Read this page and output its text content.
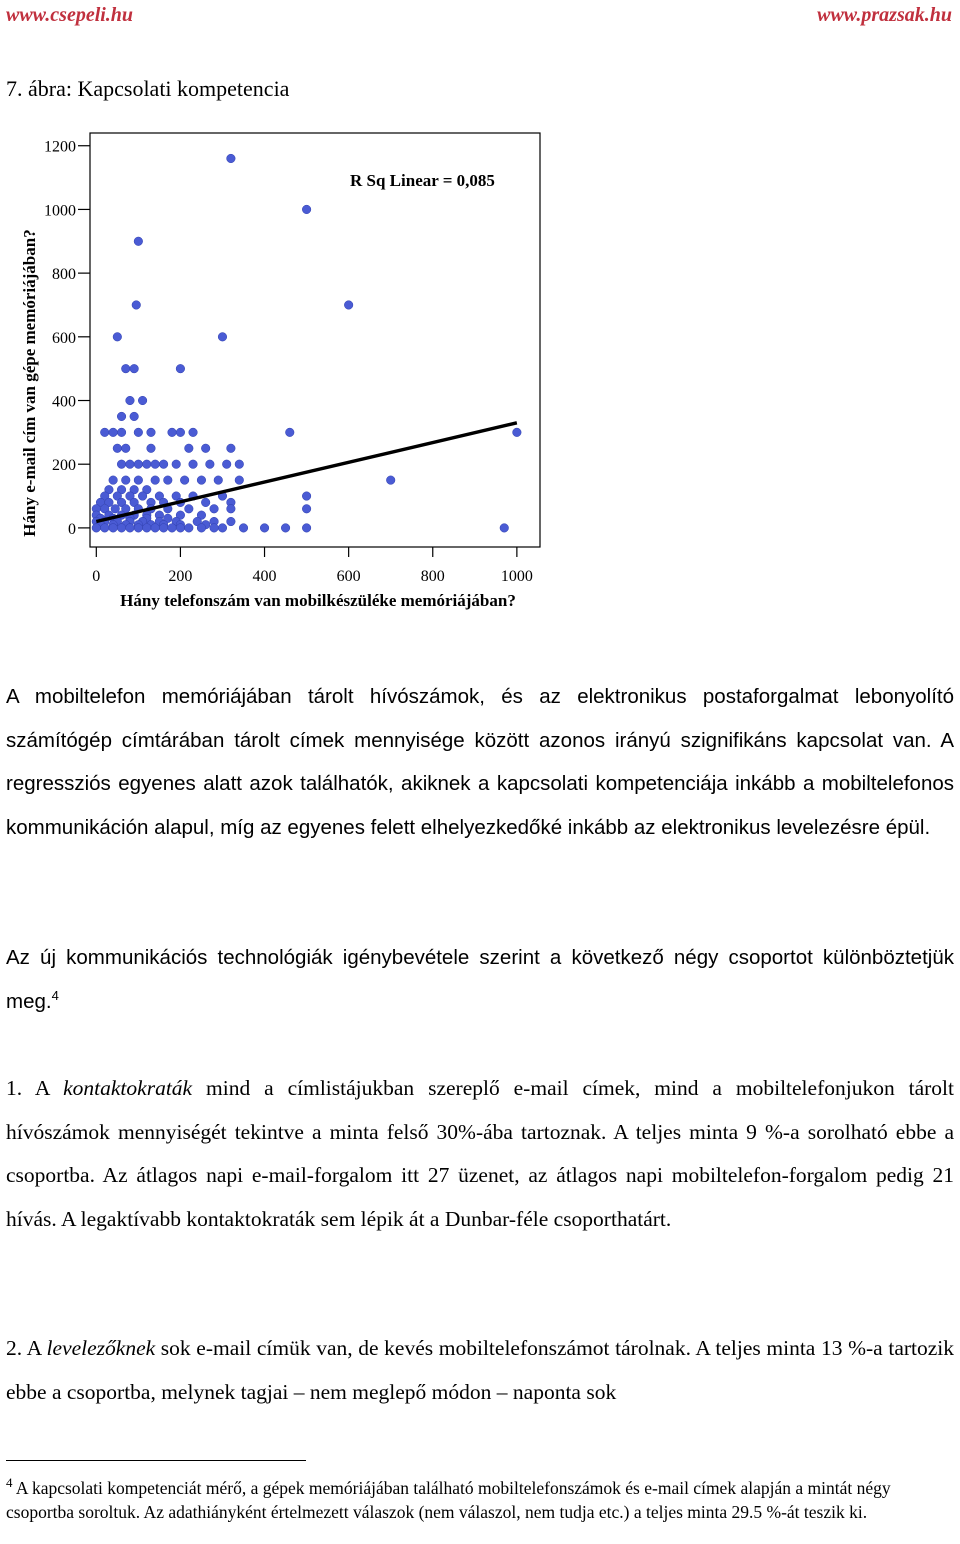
www.csepeli.hu	www.prazsak.hu
7. ábra: Kapcsolati kompetencia
0
200
400
600
800
1000
1200
0	200	400	600	800	1000
R Sq Linear = 0,085
Hány telefonszám van mobilkészüléke memóriájában?
Hány e-mail cím van gépe memóriájában?
A mobiltelefon memóriájában tárolt hívószámok, és az elektronikus postaforgalmat lebonyolító számítógép címtárában tárolt címek mennyisége között azonos irányú szignifikáns kapcsolat van. A regressziós egyenes alatt azok találhatók, akiknek a kapcsolati kompetenciája inkább a mobiltelefonos kommunikáción alapul, míg az egyenes felett elhelyezkedőké inkább az elektronikus levelezésre épül.
Az új kommunikációs technológiák igénybevétele szerint a következő négy csoportot különböztetjük meg.$^4$
1. A kontaktokraták mind a címlistájukban szereplő e-mail címek, mind a mobiltelefonjukon tárolt hívószámok mennyiségét tekintve a minta felső 30%-ába tartoznak. A teljes minta 9 %-a sorolható ebbe a csoportba. Az átlagos napi e-mail-forgalom itt 27 üzenet, az átlagos napi mobiltelefon-forgalom pedig 21 hívás. A legaktívabb kontaktokraták sem lépik át a Dunbar-féle csoporthatárt.
2. A levelezőknek sok e-mail címük van, de kevés mobiltelefonszámot tárolnak. A teljes minta 13 %-a tartozik ebbe a csoportba, melynek tagjai – nem meglepő módon – naponta sok
$^4$ A kapcsolati kompetenciát mérő, a gépek memóriájában található mobiltelefonszámok és e-mail címek alapján a mintát négy csoportba soroltuk. Az adathiányként értelmezett válaszok (nem válaszol, nem tudja etc.) a teljes minta 29.5 %-át teszik ki.
